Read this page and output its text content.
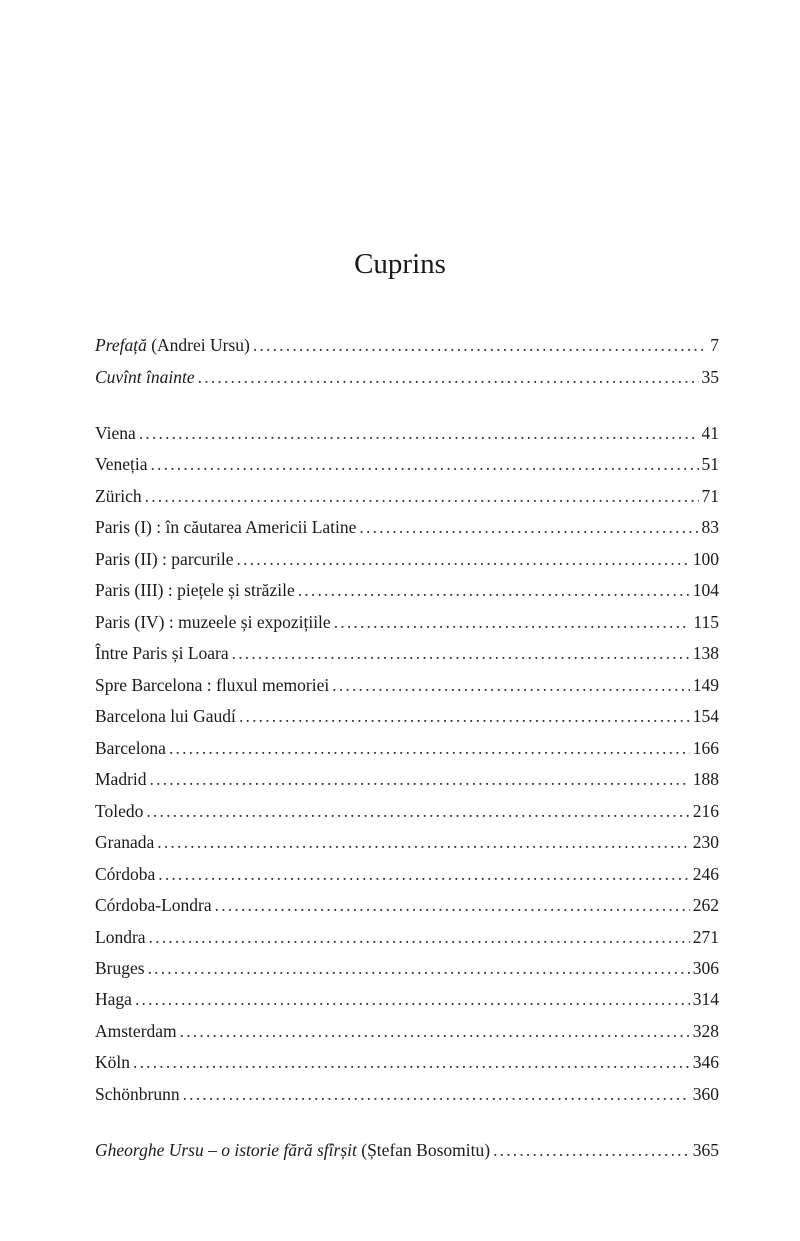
Cuprins
Prefață (Andrei Ursu) .....	7
Cuvînt înainte .....	35
Viena .....	41
Veneția .....	51
Zürich .....	71
Paris (I) : în căutarea Americii Latine .....	83
Paris (II) : parcurile .....	100
Paris (III) : piețele și străzile .....	104
Paris (IV) : muzeele și expozițiile .....	115
Între Paris și Loara .....	138
Spre Barcelona : fluxul memoriei .....	149
Barcelona lui Gaudí .....	154
Barcelona .....	166
Madrid .....	188
Toledo .....	216
Granada .....	230
Córdoba .....	246
Córdoba-Londra .....	262
Londra .....	271
Bruges .....	306
Haga .....	314
Amsterdam .....	328
Köln .....	346
Schönbrunn .....	360
Gheorghe Ursu – o istorie fără sfîrșit (Ștefan Bosomitu) .....	365
